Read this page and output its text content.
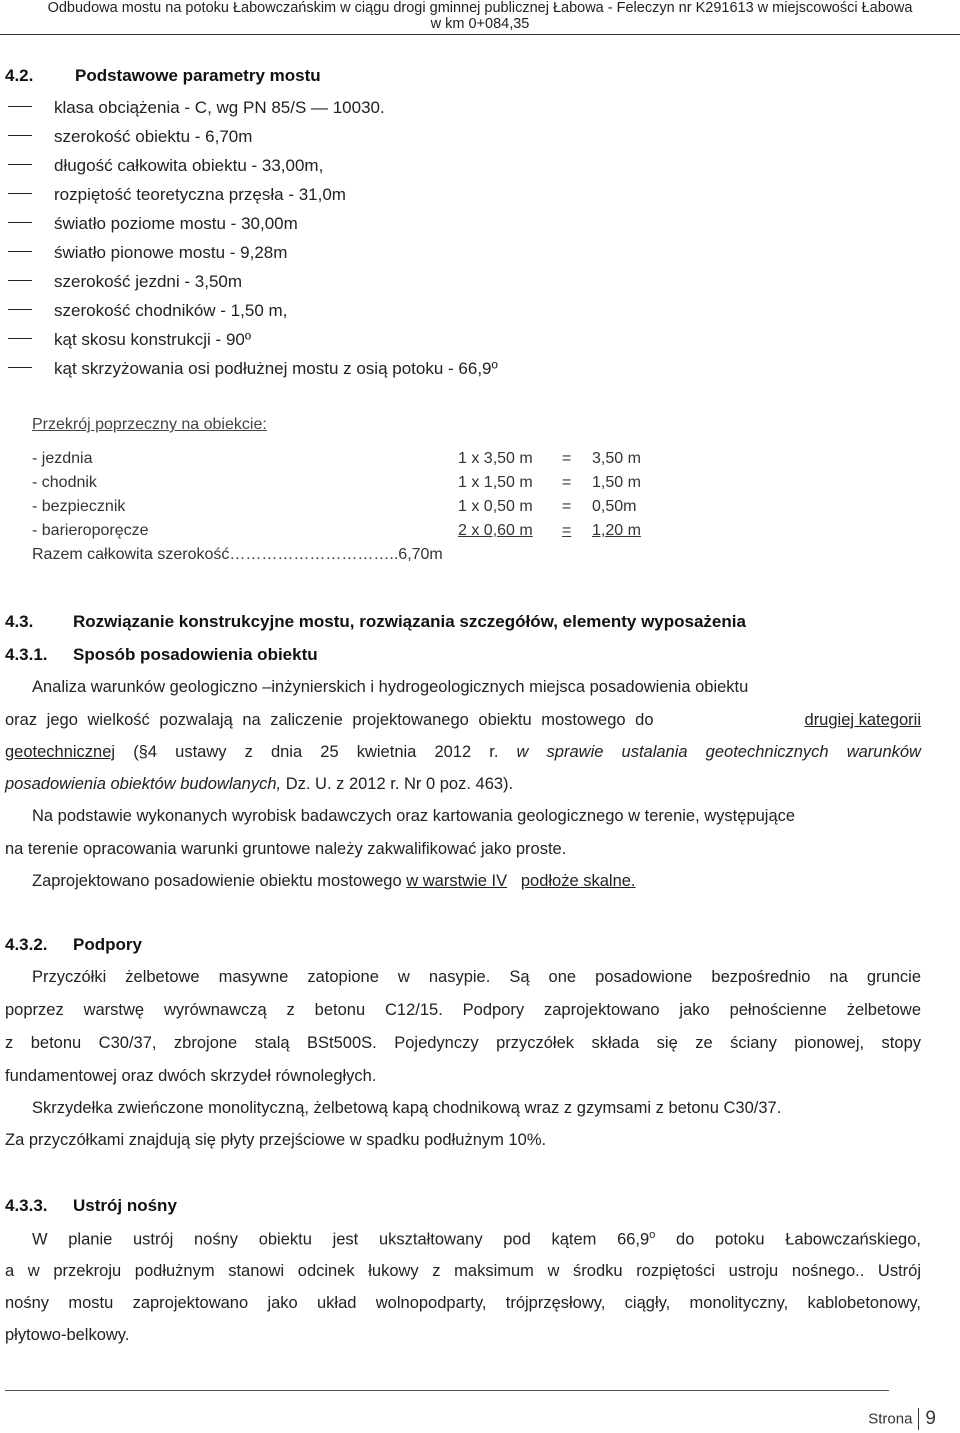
Odbudowa mostu na potoku Łabowczańskim w ciągu drogi gminnej publicznej Łabowa - Feleczyn nr K291613 w miejscowości Łabowa
w km 0+084,35
4.2. Podstawowe parametry mostu
klasa obciążenia - C, wg PN 85/S — 10030.
szerokość obiektu - 6,70m
długość całkowita obiektu - 33,00m,
rozpiętość teoretyczna przęsła - 31,0m
światło poziome mostu - 30,00m
światło pionowe mostu - 9,28m
szerokość jezdni - 3,50m
szerokość chodników - 1,50 m,
kąt skosu konstrukcji - 90º
kąt skrzyżowania osi podłużnej mostu z osią potoku - 66,9º
Przekrój poprzeczny na obiekcie:
- jezdnia	1 x 3,50 m = 3,50 m
- chodnik	1 x 1,50 m = 1,50 m
- bezpiecznik	1 x 0,50 m = 0,50m
- barieroporęcze	2 x 0,60 m = 1,20 m
Razem całkowita szerokość…………………………..6,70m
4.3. Rozwiązanie konstrukcyjne mostu, rozwiązania szczegółów, elementy wyposażenia
4.3.1. Sposób posadowienia obiektu
Analiza warunków geologiczno –inżynierskich i hydrogeologicznych miejsca posadowienia obiektu
oraz jego wielkość pozwalają na zaliczenie projektowanego obiektu mostowego do	drugiej kategorii
geotechnicznej (§4 ustawy z dnia 25 kwietnia 2012 r. w sprawie ustalania geotechnicznych warunków
posadowienia obiektów budowlanych, Dz. U. z 2012 r. Nr 0 poz. 463).
Na podstawie wykonanych wyrobisk badawczych oraz kartowania geologicznego w terenie, występujące
na terenie opracowania warunki gruntowe należy zakwalifikować jako proste.
Zaprojektowano posadowienie obiektu mostowego w warstwie IV podłoże skalne.
4.3.2. Podpory
Przyczółki żelbetowe masywne zatopione w nasypie. Są one posadowione bezpośrednio na gruncie
poprzez warstwę wyrównawczą z betonu C12/15. Podpory zaprojektowano jako pełnościenne żelbetowe
z betonu C30/37, zbrojone stalą BSt500S. Pojedynczy przyczółek składa się ze ściany pionowej, stopy
fundamentowej oraz dwóch skrzydeł równoległych.
Skrzydełka zwieńczone monolityczną, żelbetową kapą chodnikową wraz z gzymsami z betonu C30/37.
Za przyczółkami znajdują się płyty przejściowe w spadku podłużnym 10%.
4.3.3. Ustrój nośny
W planie ustrój nośny obiektu jest ukształtowany pod kątem 66,9$^o$ do potoku Łabowczańskiego,
a w przekroju podłużnym stanowi odcinek łukowy z maksimum w środku rozpiętości ustroju nośnego.. Ustrój
nośny mostu zaprojektowano jako układ wolnopodparty, trójprzęsłowy, ciągły, monolityczny, kablobetonowy,
płytowo-belkowy.
Strona 9
